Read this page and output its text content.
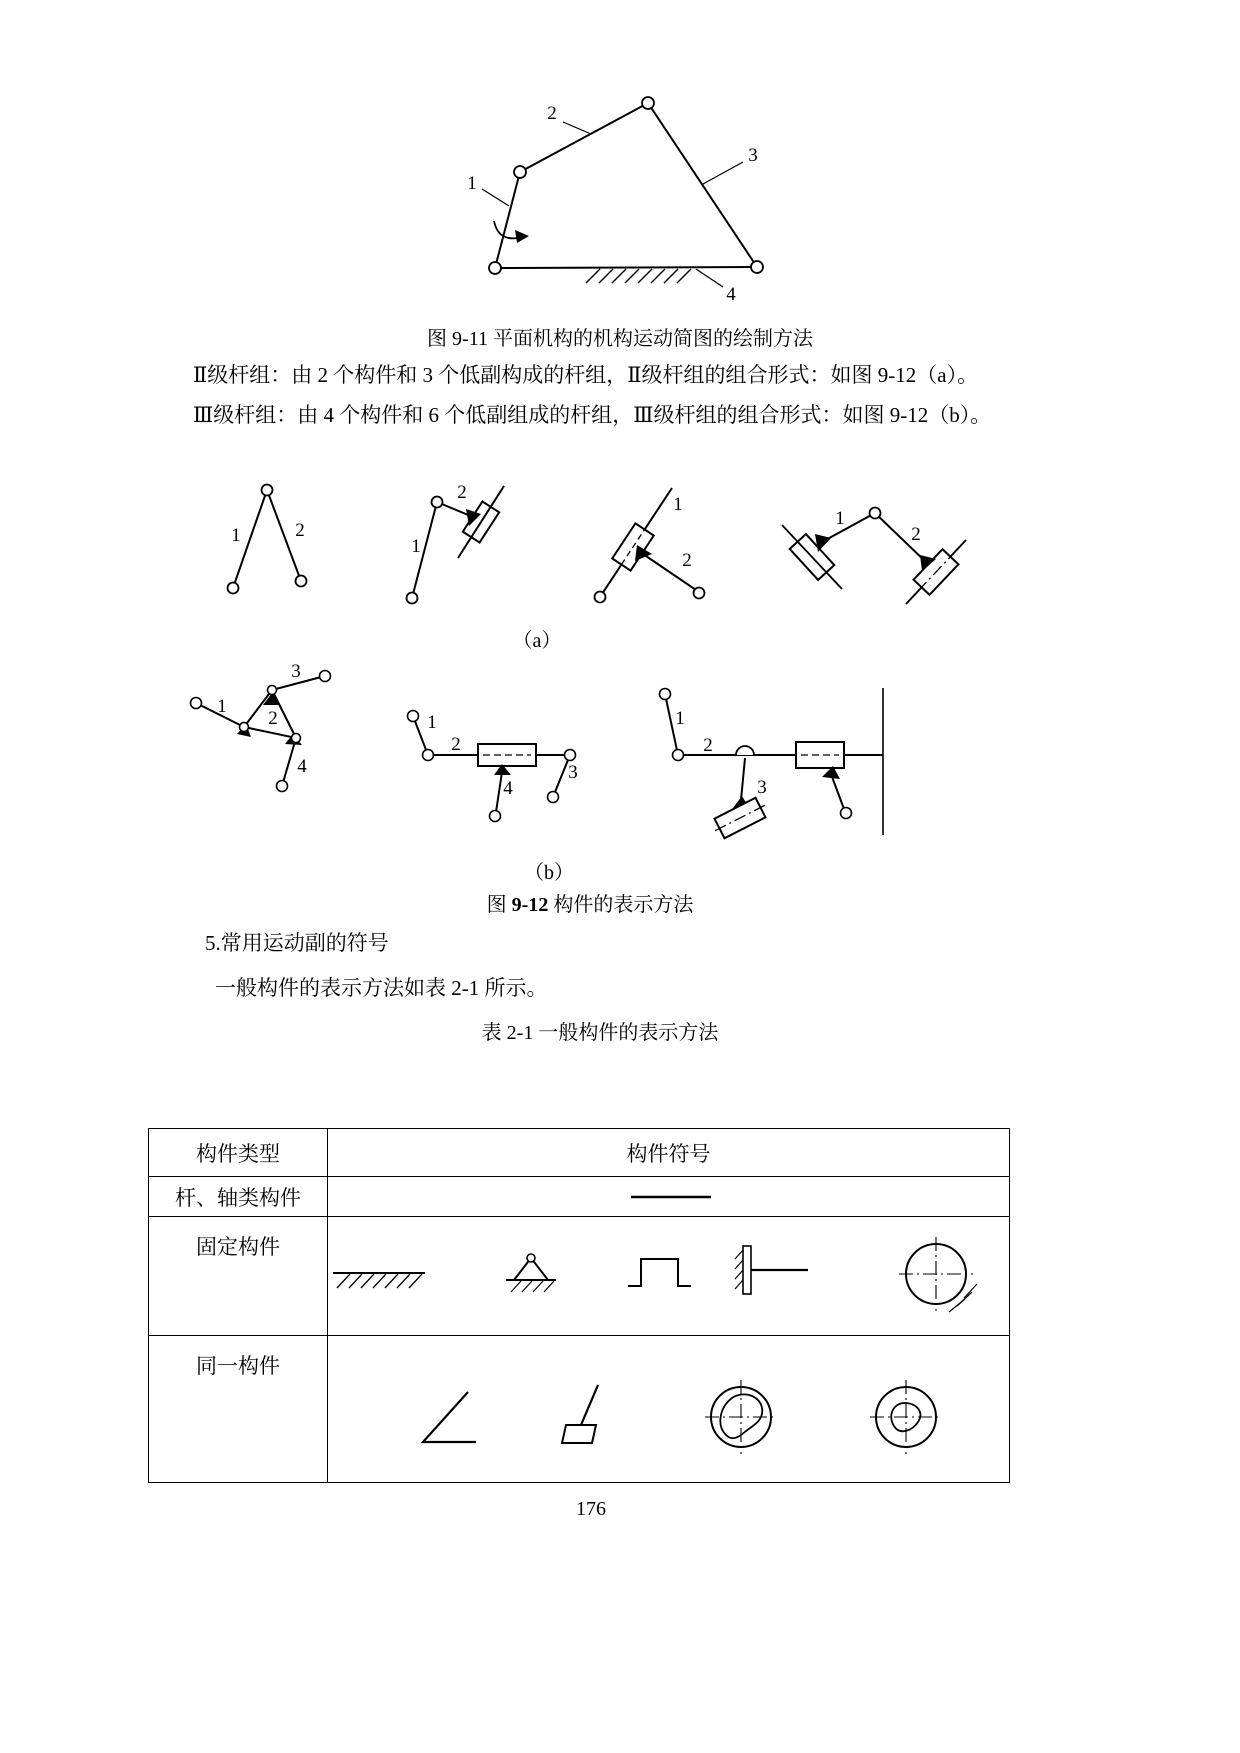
1
2
3
4
图 9-11 平面机构的机构运动简图的绘制方法
Ⅱ级杆组：由 2 个构件和 3 个低副构成的杆组，Ⅱ级杆组的组合形式：如图 9-12（a）。
Ⅲ级杆组：由 4 个构件和 6 个低副组成的杆组，Ⅲ级杆组的组合形式：如图 9-12（b）。
1	2
1
2
1
2
1
2
（a）
1
2
3
4
1
2
3
4
1
2
3
（b）
图 9-12 构件的表示方法
5.常用运动副的符号
一般构件的表示方法如表 2-1 所示。
表 2-1 一般构件的表示方法
构件类型	构件符号
杆、轴类构件	

固定构件	

同一构件	
176
